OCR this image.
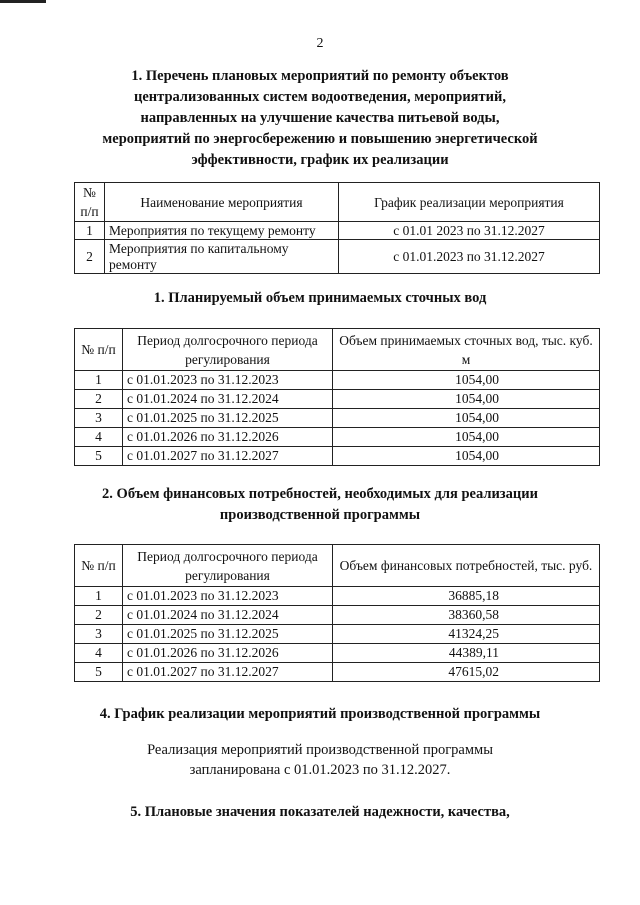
2
1. Перечень плановых мероприятий по ремонту объектов
централизованных систем водоотведения, мероприятий,
направленных на улучшение качества питьевой воды,
мероприятий по энергосбережению и повышению энергетической
эффективности, график их реализации
№ п/п	Наименование мероприятия	График реализации мероприятия
1	Мероприятия по текущему ремонту	с 01.01 2023 по 31.12.2027
2	Мероприятия по капитальному ремонту	с 01.01.2023 по 31.12.2027
1. Планируемый объем принимаемых сточных вод
№ п/п	Период долгосрочного периода регулирования	Объем принимаемых сточных вод, тыс. куб. м
1	с 01.01.2023 по 31.12.2023	1054,00
2	с 01.01.2024 по 31.12.2024	1054,00
3	с 01.01.2025 по 31.12.2025	1054,00
4	с 01.01.2026 по 31.12.2026	1054,00
5	с 01.01.2027 по 31.12.2027	1054,00
2. Объем финансовых потребностей, необходимых для реализации
производственной программы
№ п/п	Период долгосрочного периода регулирования	Объем финансовых потребностей, тыс. руб.
1	с 01.01.2023 по 31.12.2023	36885,18
2	с 01.01.2024 по 31.12.2024	38360,58
3	с 01.01.2025 по 31.12.2025	41324,25
4	с 01.01.2026 по 31.12.2026	44389,11
5	с 01.01.2027 по 31.12.2027	47615,02
4. График реализации мероприятий производственной программы
Реализация мероприятий производственной программы
запланирована с 01.01.2023 по 31.12.2027.
5. Плановые значения показателей надежности, качества,
